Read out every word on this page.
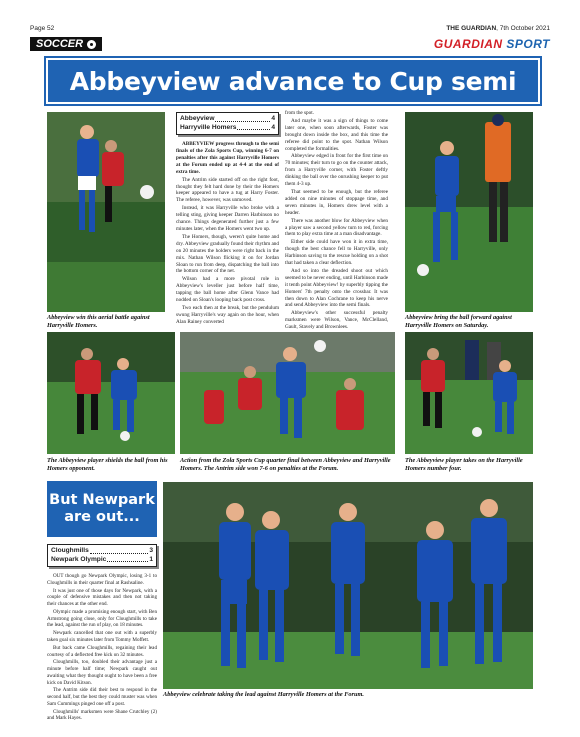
Page 52	THE GUARDIAN, 7th October 2021
SOCCER	GUARDIAN SPORT
Abbeyview advance to Cup semi
Abbeyview win this aerial battle against Harryville Homers.
Abbeyview	4
Harryville Homers	4

ABBEYVIEW progress through to the semi finals of the Zola Sports Cup, winning 6-7 on penalties after this against Harryville Homers at the Forum ended up at 4-4 at the end of extra time.

The Antrim side started off on the right foot, thought they felt hard done by their the Homers keeper appeared to have a tug at Harry Foster. The referee, however, was unmoved.

Instead, it was Harryville who broke with a telling sting, giving keeper Darren Harbinson no chance. Things degenerated further just a few minutes later, when the Homers went two up.

The Homers, though, weren't quite home and dry. Abbeyview gradually found their rhythm and on 20 minutes the holders were right back in the mix. Nathan Wilson flicking it on for Jordan Sloan to run from deep, dispatching the ball into the bottom corner of the net.

Wilson had a more pivotal role in Abbeyview's leveller just before half time, tapping the ball home after Glenn Vance had nodded on Sloan's looping back post cross.

Two each then at the break, but the pendulum swung Harryville's way again on the hour, when Alan Rainey converted

from the spot.

And maybe it was a sign of things to come later one, when soon afterwards, Foster was brought down inside the box, and this time the referee did point to the spot. Nathan Wilson completed the formalities.

Abbeyview edged in front for the first time on 70 minutes; their turn to go on the counter attack, from a Harryville corner, with Foster deftly dinking the ball over the onrushing keeper to put them 4-3 up.

That seemed to be enough, but the referee added on nine minutes of stoppage time, and seven minutes in, Homers drew level with a header.

There was another blow for Abbeyview when a player saw a second yellow turn to red, forcing them to play extra time at a man disadvantage.

Either side could have won it in extra time, though the best chance fell to Harryville, only Harbinson saving to the rescue holding on a shot that had taken a clear deflection.

And so into the dreaded shoot out which seemed to be never ending, until Harbinson made it tenth point Abbeyview! by superbly tipping the Homers' 7th penalty onto the crossbar. It was then down to Alan Cochrane to keep his nerve and send Abbeyview into the semi finals.

Abbeyview's other successful penalty marksmen were Wilson, Vance, McClelland, Gault, Stavely and Brownlees.

Abbeyview bring the ball forward against Harryville Homers on Saturday.
The Abbeyview player shields the ball from his Homers opponent.
Action from the Zola Sports Cup quarter final between Abbeyview and Harryville Homers. The Antrim side won 7-6 on penalties at the Forum.
The Abbeyview player takes on the Harryville Homers number four.
But Newpark are out...
Cloughmills	3
Newpark Olympic	1

OUT though go Newpark Olympic, losing 3-1 to Cloughmills in their quarter final at Rashsaline.

It was just one of those days for Newpark, with a couple of defensive mistakes and then not taking their chances at the other end.

Olympic made a promising enough start, with Ben Armstrong going close, only for Cloughmills to take the lead, against the run of play, on 18 minutes.

Newpark cancelled that one out with a superbly taken goal six minutes later from Tommy Moffett.

But back came Cloughmills, regaining their lead courtesy of a deflected free kick on 32 minutes.

Cloughmills, too, doubled their advantage just a minute before half time; Newpark caught out awaiting what they thought ought to have been a free kick on David Kitson.

The Antrim side did their best to respond in the second half, but the best they could muster was when Sam Cummings pinged one off a post.

Cloughmills' marksmen were Shane Crutchley (2) and Mark Hayes.

Abbeyview celebrate taking the lead against Harryville Homers at the Forum.
